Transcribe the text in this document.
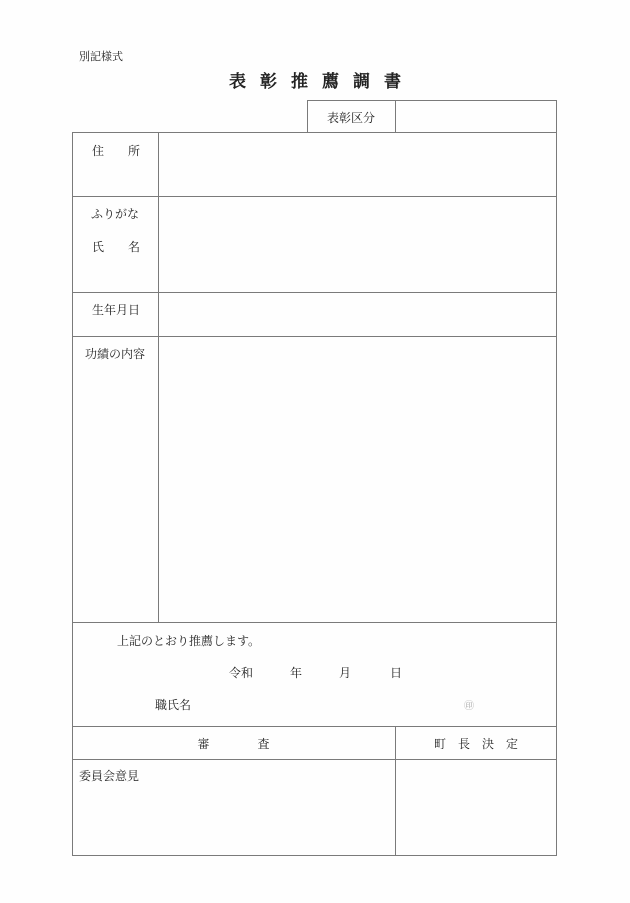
別記様式
表彰推薦調書
表彰区分
住　　所
ふりがな
氏　　名
生年月日
功績の内容
上記のとおり推薦します。
令和	年	月	日
職氏名	㊞
審　　　　査	町　長　決　定
委員会意見
